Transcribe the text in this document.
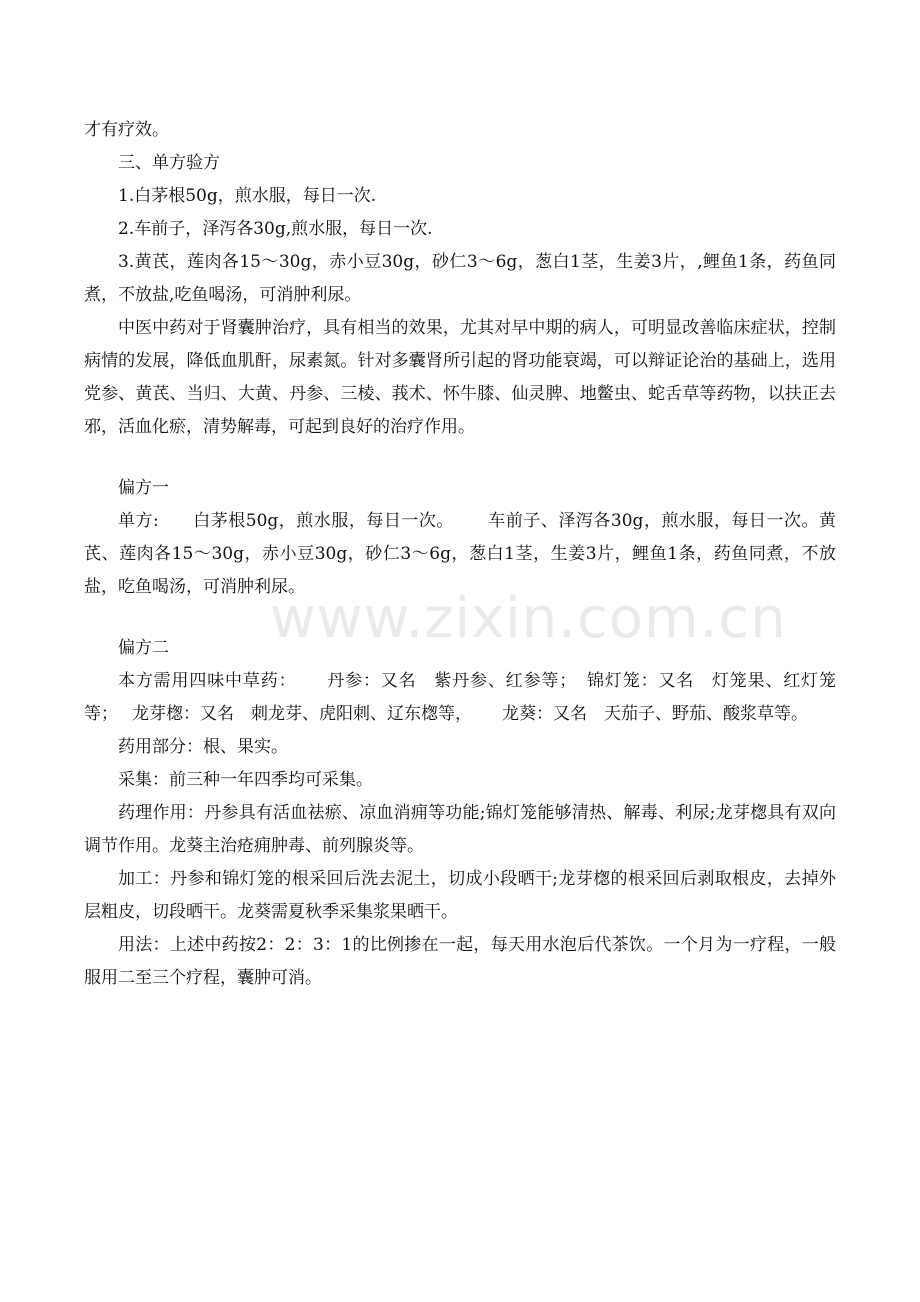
才有疗效。

三、单方验方

1.白茅根50g，煎水服，每日一次.

2.车前子，泽泻各30g,煎水服，每日一次.

3.黄芪，莲肉各15～30g，赤小豆30g，砂仁3～6g，葱白1茎，生姜3片，,鲤鱼1条，药鱼同煮，不放盐,吃鱼喝汤，可消肿利尿。

中医中药对于肾囊肿治疗，具有相当的效果，尤其对早中期的病人，可明显改善临床症状，控制病情的发展，降低血肌酐，尿素氮。针对多囊肾所引起的肾功能衰竭，可以辩证论治的基础上，选用党参、黄芪、当归、大黄、丹参、三棱、莪术、怀牛膝、仙灵脾、地鳖虫、蛇舌草等药物，以扶正去邪，活血化瘀，清势解毒，可起到良好的治疗作用。

偏方一

单方: 白茅根50g，煎水服，每日一次。 车前子、泽泻各30g，煎水服，每日一次。黄芪、莲肉各15～30g，赤小豆30g，砂仁3～6g，葱白1茎，生姜3片，鲤鱼1条，药鱼同煮，不放盐，吃鱼喝汤，可消肿利尿。

偏方二

本方需用四味中草药： 丹参：又名　紫丹参、红参等； 锦灯笼：又名　灯笼果、红灯笼等； 龙芽楤：又名　刺龙芽、虎阳刺、辽东楤等， 龙葵：又名　天茄子、野茄、酸浆草等。

药用部分：根、果实。

采集：前三种一年四季均可采集。

药理作用：丹参具有活血祛瘀、凉血消痈等功能;锦灯笼能够清热、解毒、利尿;龙芽楤具有双向调节作用。龙葵主治疮痈肿毒、前列腺炎等。

加工：丹参和锦灯笼的根采回后洗去泥土，切成小段晒干;龙芽楤的根采回后剥取根皮，去掉外层粗皮，切段晒干。龙葵需夏秋季采集浆果晒干。

用法：上述中药按2：2：3：1的比例掺在一起，每天用水泡后代茶饮。一个月为一疗程，一般服用二至三个疗程，囊肿可消。

www.zixin.com.cn
